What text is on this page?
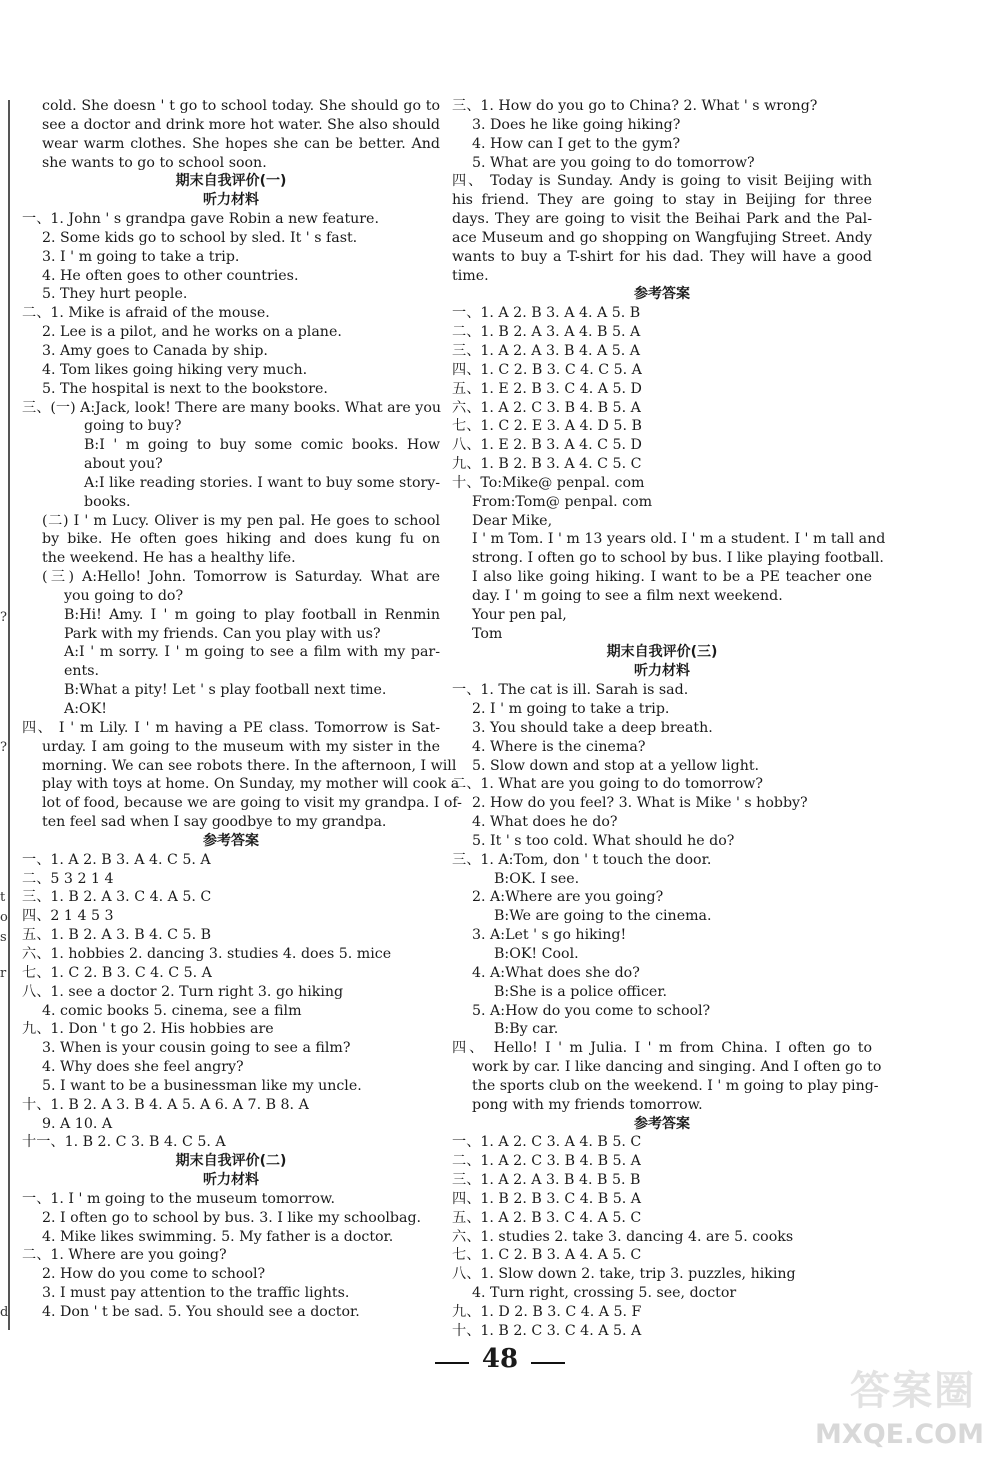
?
?
t
o
s
r
d
cold. She doesn ' t go to school today. She should go to
see a doctor and drink more hot water. She also should
wear warm clothes. She hopes she can be better. And
she wants to go to school soon.
期末自我评价(一)
听力材料
一、1. John ' s grandpa gave Robin a new feature.
2. Some kids go to school by sled. It ' s fast.
3. I ' m going to take a trip.
4. He often goes to other countries.
5. They hurt people.
二、1. Mike is afraid of the mouse.
2. Lee is a pilot, and he works on a plane.
3. Amy goes to Canada by ship.
4. Tom likes going hiking very much.
5. The hospital is next to the bookstore.
三、(一) A:Jack, look! There are many books. What are you
going to buy?
B:I ' m going to buy some comic books. How
about you?
A:I like reading stories. I want to buy some story-
books.
(二) I ' m Lucy. Oliver is my pen pal. He goes to school
by bike. He often goes hiking and does kung fu on
the weekend. He has a healthy life.
(三) A:Hello! John. Tomorrow is Saturday. What are
you going to do?
B:Hi! Amy. I ' m going to play football in Renmin
Park with my friends. Can you play with us?
A:I ' m sorry. I ' m going to see a film with my par-
ents.
B:What a pity! Let ' s play football next time.
A:OK!
四、 I ' m Lily. I ' m having a PE class. Tomorrow is Sat-
urday. I am going to the museum with my sister in the
morning. We can see robots there. In the afternoon, I will
play with toys at home. On Sunday, my mother will cook a
lot of food, because we are going to visit my grandpa. I of-
ten feel sad when I say goodbye to my grandpa.
参考答案
一、1. A 2. B 3. A 4. C 5. A
二、5 3 2 1 4
三、1. B 2. A 3. C 4. A 5. C
四、2 1 4 5 3
五、1. B 2. A 3. B 4. C 5. B
六、1. hobbies 2. dancing 3. studies 4. does 5. mice
七、1. C 2. B 3. C 4. C 5. A
八、1. see a doctor 2. Turn right 3. go hiking
4. comic books 5. cinema, see a film
九、1. Don ' t go 2. His hobbies are
3. When is your cousin going to see a film?
4. Why does she feel angry?
5. I want to be a businessman like my uncle.
十、1. B 2. A 3. B 4. A 5. A 6. A 7. B 8. A
9. A 10. A
十一、1. B 2. C 3. B 4. C 5. A
期末自我评价(二)
听力材料
一、1. I ' m going to the museum tomorrow.
2. I often go to school by bus. 3. I like my schoolbag.
4. Mike likes swimming. 5. My father is a doctor.
二、1. Where are you going?
2. How do you come to school?
3. I must pay attention to the traffic lights.
4. Don ' t be sad. 5. You should see a doctor.
三、1. How do you go to China? 2. What ' s wrong?
3. Does he like going hiking?
4. How can I get to the gym?
5. What are you going to do tomorrow?
四、 Today is Sunday. Andy is going to visit Beijing with
his friend. They are going to stay in Beijing for three
days. They are going to visit the Beihai Park and the Pal-
ace Museum and go shopping on Wangfujing Street. Andy
wants to buy a T-shirt for his dad. They will have a good
time.
参考答案
一、1. A 2. B 3. A 4. A 5. B
二、1. B 2. A 3. A 4. B 5. A
三、1. A 2. A 3. B 4. A 5. A
四、1. C 2. B 3. C 4. C 5. A
五、1. E 2. B 3. C 4. A 5. D
六、1. A 2. C 3. B 4. B 5. A
七、1. C 2. E 3. A 4. D 5. B
八、1. E 2. B 3. A 4. C 5. D
九、1. B 2. B 3. A 4. C 5. C
十、To:Mike@ penpal. com
From:Tom@ penpal. com
Dear Mike,
I ' m Tom. I ' m 13 years old. I ' m a student. I ' m tall and
strong. I often go to school by bus. I like playing football.
I also like going hiking. I want to be a PE teacher one
day. I ' m going to see a film next weekend.
Your pen pal,
Tom
期末自我评价(三)
听力材料
一、1. The cat is ill. Sarah is sad.
2. I ' m going to take a trip.
3. You should take a deep breath.
4. Where is the cinema?
5. Slow down and stop at a yellow light.
二、1. What are you going to do tomorrow?
2. How do you feel? 3. What is Mike ' s hobby?
4. What does he do?
5. It ' s too cold. What should he do?
三、1. A:Tom, don ' t touch the door.
B:OK. I see.
2. A:Where are you going?
B:We are going to the cinema.
3. A:Let ' s go hiking!
B:OK! Cool.
4. A:What does she do?
B:She is a police officer.
5. A:How do you come to school?
B:By car.
四、 Hello! I ' m Julia. I ' m from China. I often go to
work by car. I like dancing and singing. And I often go to
the sports club on the weekend. I ' m going to play ping-
pong with my friends tomorrow.
参考答案
一、1. A 2. C 3. A 4. B 5. C
二、1. A 2. C 3. B 4. B 5. A
三、1. A 2. A 3. B 4. B 5. B
四、1. B 2. B 3. C 4. B 5. A
五、1. A 2. B 3. C 4. A 5. C
六、1. studies 2. take 3. dancing 4. are 5. cooks
七、1. C 2. B 3. A 4. A 5. C
八、1. Slow down 2. take, trip 3. puzzles, hiking
4. Turn right, crossing 5. see, doctor
九、1. D 2. B 3. C 4. A 5. F
十、1. B 2. C 3. C 4. A 5. A
48
答案圈
MXQE.COM
